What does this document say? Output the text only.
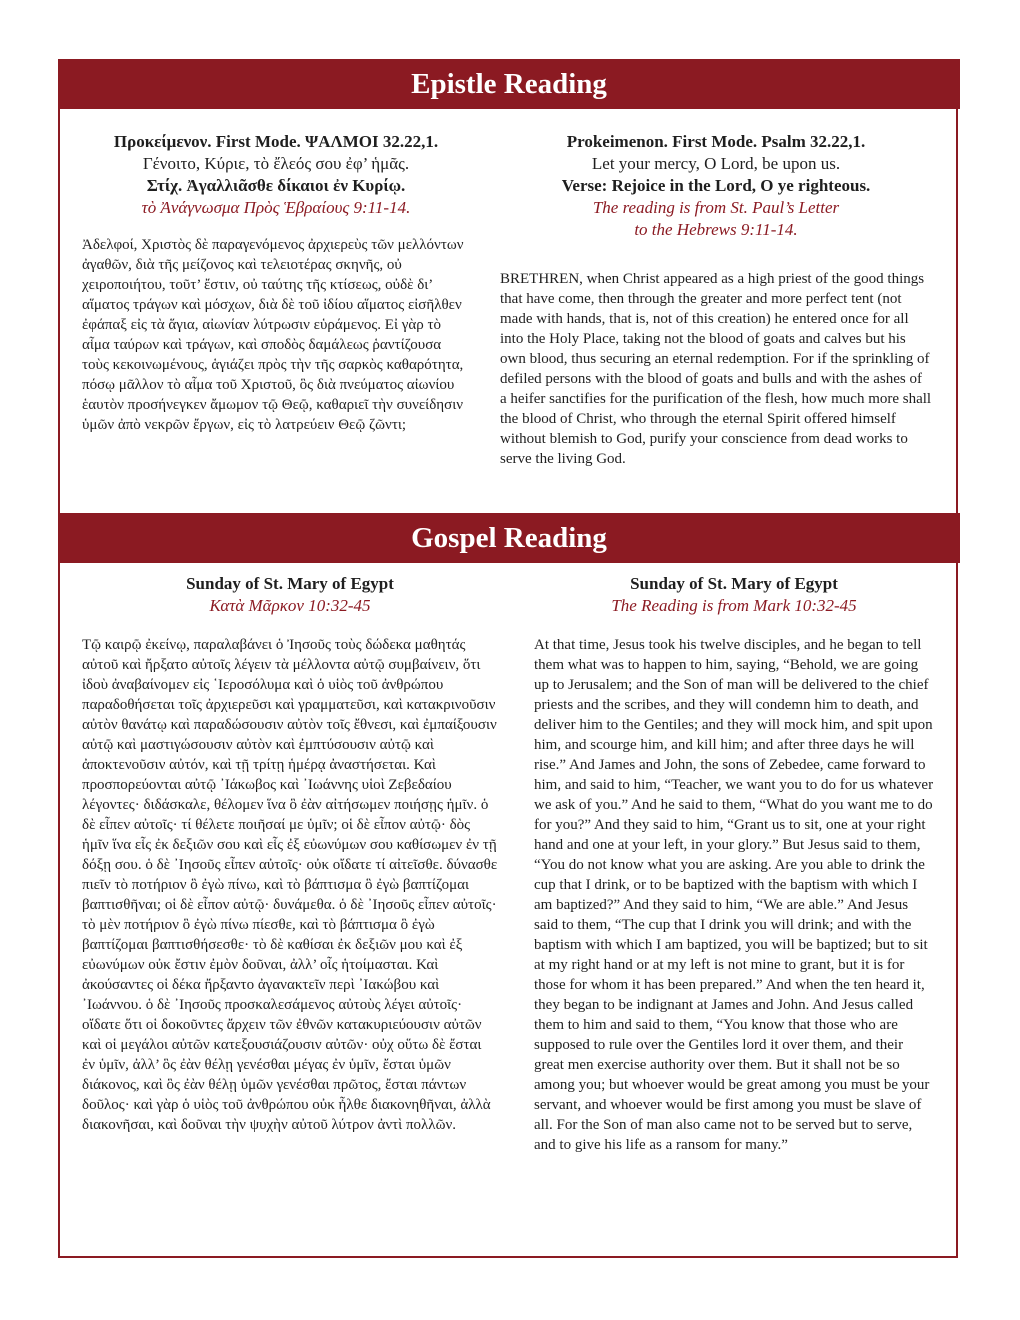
Epistle Reading
Προκείμενον. First Mode. ΨΑΛΜΟΙ 32.22,1.
Γένοιτο, Κύριε, τὸ ἔλεός σου ἐφ’ ἡμᾶς.
Στίχ. Ἀγαλλιᾶσθε δίκαιοι ἐν Κυρίῳ.
τὸ Ἀνάγνωσμα Πρὸς Ἑβραίους 9:11-14.

Ἀδελφοί, Χριστὸς δὲ παραγενόμενος ἀρχιερεὺς τῶν μελλόντων ἀγαθῶν, διὰ τῆς μείζονος καὶ τελειοτέρας σκηνῆς, οὐ χειροποιήτου, τοῦτ’ ἔστιν, οὐ ταύτης τῆς κτίσεως, οὐδὲ δι’ αἵματος τράγων καὶ μόσχων, διὰ δὲ τοῦ ἰδίου αἵματος εἰσῆλθεν ἐφάπαξ εἰς τὰ ἅγια, αἰωνίαν λύτρωσιν εὑράμενος. Εἰ γὰρ τὸ αἷμα ταύρων καὶ τράγων, καὶ σποδὸς δαμάλεως ῥαντίζουσα τοὺς κεκοινωμένους, ἁγιάζει πρὸς τὴν τῆς σαρκὸς καθαρότητα, πόσῳ μᾶλλον τὸ αἷμα τοῦ Χριστοῦ, ὃς διὰ πνεύματος αἰωνίου ἑαυτὸν προσήνεγκεν ἄμωμον τῷ Θεῷ, καθαριεῖ τὴν συνείδησιν ὑμῶν ἀπὸ νεκρῶν ἔργων, εἰς τὸ λατρεύειν Θεῷ ζῶντι;

Prokeimenon. First Mode. Psalm 32.22,1.
Let your mercy, O Lord, be upon us.
Verse: Rejoice in the Lord, O ye righteous.
The reading is from St. Paul’s Letter
to the Hebrews 9:11-14.

BRETHREN, when Christ appeared as a high priest of the good things that have come, then through the greater and more perfect tent (not made with hands, that is, not of this creation) he entered once for all into the Holy Place, taking not the blood of goats and calves but his own blood, thus securing an eternal redemption. For if the sprinkling of defiled persons with the blood of goats and bulls and with the ashes of a heifer sanctifies for the purification of the flesh, how much more shall the blood of Christ, who through the eternal Spirit offered himself without blemish to God, purify your conscience from dead works to serve the living God.

Gospel Reading
Sunday of St. Mary of Egypt
Κατὰ Μᾶρκον 10:32-45

Τῷ καιρῷ ἐκείνῳ, παραλαβάνει ὁ Ἰησοῦς τοὺς δώδεκα μαθητάς αὐτοῦ καὶ ἤρξατο αὐτοῖς λέγειν τὰ μέλλοντα αὐτῷ συμβαίνειν, ὅτι ἰδοὺ ἀναβαίνομεν εἰς ῾Ιεροσόλυμα καὶ ὁ υἱὸς τοῦ ἀνθρώπου παραδοθήσεται τοῖς ἀρχιερεῦσι καὶ γραμματεῦσι, καὶ κατακρινοῦσιν αὐτὸν θανάτῳ καὶ παραδώσουσιν αὐτὸν τοῖς ἔθνεσι, καὶ ἐμπαίξουσιν αὐτῷ καὶ μαστιγώσουσιν αὐτὸν καὶ ἐμπτύσουσιν αὐτῷ καὶ ἀποκτενοῦσιν αὐτόν, καὶ τῇ τρίτῃ ἡμέρᾳ ἀναστήσεται. Καὶ προσπορεύονται αὐτῷ ᾿Ιάκωβος καὶ ᾿Ιωάννης υἱοὶ Ζεβεδαίου λέγοντες· διδάσκαλε, θέλομεν ἵνα ὃ ἐὰν αἰτήσωμεν ποιήσῃς ἡμῖν. ὁ δὲ εἶπεν αὐτοῖς· τί θέλετε ποιῆσαί με ὑμῖν; οἱ δὲ εἶπον αὐτῷ· δὸς ἡμῖν ἵνα εἷς ἐκ δεξιῶν σου καὶ εἷς ἐξ εὐωνύμων σου καθίσωμεν ἐν τῇ δόξῃ σου. ὁ δὲ ᾿Ιησοῦς εἶπεν αὐτοῖς· οὐκ οἴδατε τί αἰτεῖσθε. δύνασθε πιεῖν τὸ ποτήριον ὃ ἐγὼ πίνω, καὶ τὸ βάπτισμα ὃ ἐγὼ βαπτίζομαι βαπτισθῆναι; οἱ δὲ εἶπον αὐτῷ· δυνάμεθα. ὁ δὲ ᾿Ιησοῦς εἶπεν αὐτοῖς· τὸ μὲν ποτήριον ὃ ἐγὼ πίνω πίεσθε, καὶ τὸ βάπτισμα ὃ ἐγὼ βαπτίζομαι βαπτισθήσεσθε· τὸ δὲ καθίσαι ἐκ δεξιῶν μου καὶ ἐξ εὐωνύμων οὐκ ἔστιν ἐμὸν δοῦναι, ἀλλ’ οἷς ἡτοίμασται. Καὶ ἀκούσαντες οἱ δέκα ἤρξαντο ἀγανακτεῖν περὶ ᾿Ιακώβου καὶ ᾿Ιωάννου. ὁ δὲ ᾿Ιησοῦς προσκαλεσάμενος αὐτοὺς λέγει αὐτοῖς· οἴδατε ὅτι οἱ δοκοῦντες ἄρχειν τῶν ἐθνῶν κατακυριεύουσιν αὐτῶν καὶ οἱ μεγάλοι αὐτῶν κατεξουσιάζουσιν αὐτῶν· οὐχ οὕτω δὲ ἔσται ἐν ὑμῖν, ἀλλ’ ὃς ἐὰν θέλῃ γενέσθαι μέγας ἐν ὑμῖν, ἔσται ὑμῶν διάκονος, καὶ ὃς ἐὰν θέλῃ ὑμῶν γενέσθαι πρῶτος, ἔσται πάντων δοῦλος· καὶ γὰρ ὁ υἱὸς τοῦ ἀνθρώπου οὐκ ἦλθε διακονηθῆναι, ἀλλὰ διακονῆσαι, καὶ δοῦναι τὴν ψυχὴν αὐτοῦ λύτρον ἀντὶ πολλῶν.

Sunday of St. Mary of Egypt
The Reading is from Mark 10:32-45

At that time, Jesus took his twelve disciples, and he began to tell them what was to happen to him, saying, “Behold, we are going up to Jerusalem; and the Son of man will be delivered to the chief priests and the scribes, and they will condemn him to death, and deliver him to the Gentiles; and they will mock him, and spit upon him, and scourge him, and kill him; and after three days he will rise.” And James and John, the sons of Zebedee, came forward to him, and said to him, “Teacher, we want you to do for us whatever we ask of you.” And he said to them, “What do you want me to do for you?” And they said to him, “Grant us to sit, one at your right hand and one at your left, in your glory.” But Jesus said to them, “You do not know what you are asking. Are you able to drink the cup that I drink, or to be baptized with the baptism with which I am baptized?” And they said to him, “We are able.” And Jesus said to them, “The cup that I drink you will drink; and with the baptism with which I am baptized, you will be baptized; but to sit at my right hand or at my left is not mine to grant, but it is for those for whom it has been prepared.” And when the ten heard it, they began to be indignant at James and John. And Jesus called them to him and said to them, “You know that those who are supposed to rule over the Gentiles lord it over them, and their great men exercise authority over them. But it shall not be so among you; but whoever would be great among you must be your servant, and whoever would be first among you must be slave of all. For the Son of man also came not to be served but to serve, and to give his life as a ransom for many.”
